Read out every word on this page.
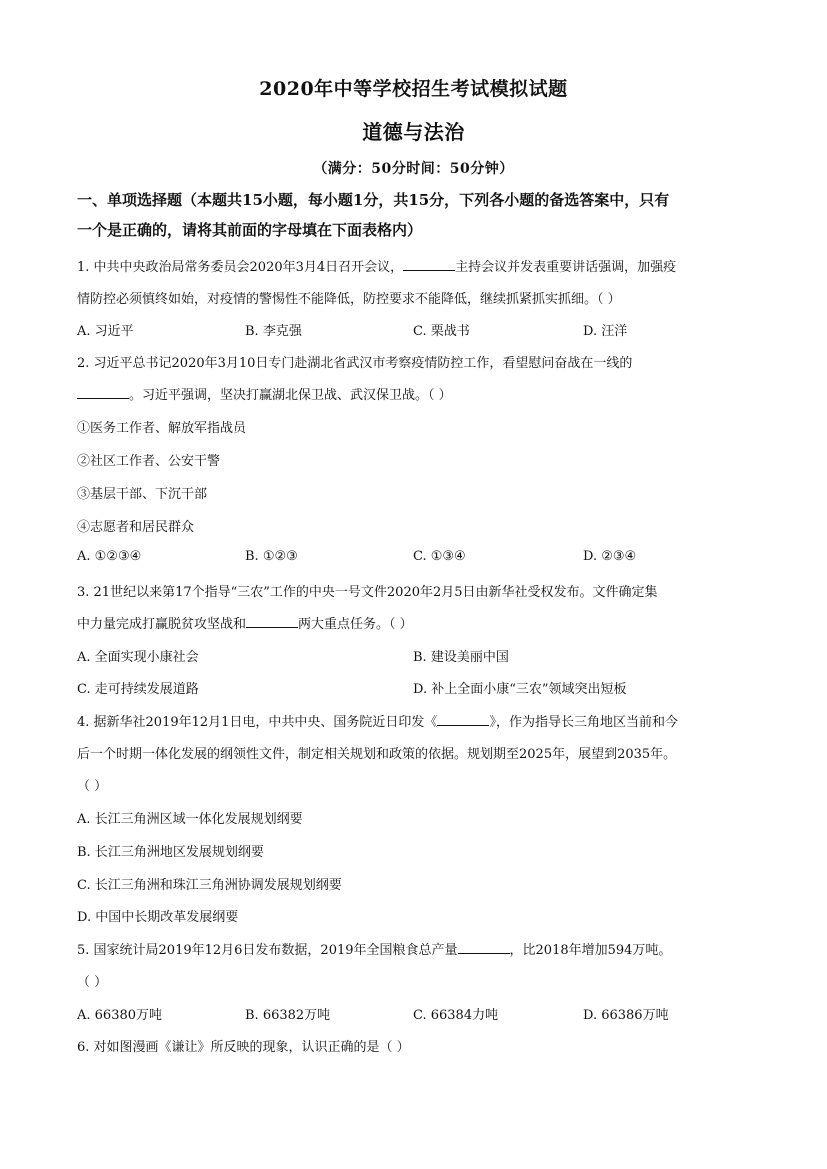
2020年中等学校招生考试模拟试题
道德与法治
（满分：50分时间：50分钟）
一、单项选择题（本题共15小题，每小题1分，共15分，下列各小题的备选答案中，只有
一个是正确的，请将其前面的字母填在下面表格内）
1. 中共中央政治局常务委员会2020年3月4日召开会议，	主持会议并发表重要讲话强调，加强疫
情防控必须慎终如始，对疫情的警惕性不能降低，防控要求不能降低，继续抓紧抓实抓细。（ ）
A. 习近平	B. 李克强	C. 栗战书	D. 汪洋
2. 习近平总书记2020年3月10日专门赴湖北省武汉市考察疫情防控工作，看望慰问奋战在一线的
。习近平强调，坚决打赢湖北保卫战、武汉保卫战。（ ）
①医务工作者、解放军指战员
②社区工作者、公安干警
③基层干部、下沉干部
④志愿者和居民群众
A. ①②③④	B. ①②③	C. ①③④	D. ②③④
3. 21世纪以来第17个指导“三农”工作的中央一号文件2020年2月5日由新华社受权发布。文件确定集
中力量完成打赢脱贫攻坚战和	两大重点任务。（ ）
A. 全面实现小康社会	B. 建设美丽中国
C. 走可持续发展道路	D. 补上全面小康“三农”领域突出短板
4. 据新华社2019年12月1日电，中共中央、国务院近日印发《	》，作为指导长三角地区当前和今
后一个时期一体化发展的纲领性文件，制定相关规划和政策的依据。规划期至2025年，展望到2035年。
（ ）
A. 长江三角洲区域一体化发展规划纲要
B. 长江三角洲地区发展规划纲要
C. 长江三角洲和珠江三角洲协调发展规划纲要
D. 中国中长期改革发展纲要
5. 国家统计局2019年12月6日发布数据，2019年全国粮食总产量	，比2018年增加594万吨。
（ ）
A. 66380万吨	B. 66382万吨	C. 66384力吨	D. 66386万吨
6. 对如图漫画《谦让》所反映的现象，认识正确的是（ ）
